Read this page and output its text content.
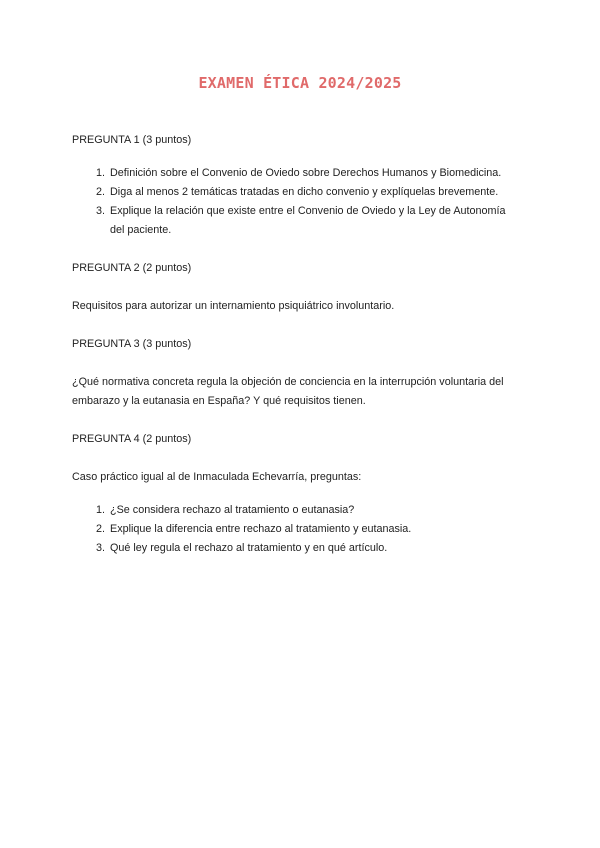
EXAMEN ÉTICA 2024/2025
PREGUNTA 1 (3 puntos)
1. Definición sobre el Convenio de Oviedo sobre Derechos Humanos y Biomedicina.
2. Diga al menos 2 temáticas tratadas en dicho convenio y explíquelas brevemente.
3. Explique la relación que existe entre el Convenio de Oviedo y la Ley de Autonomía del paciente.
PREGUNTA 2 (2 puntos)
Requisitos para autorizar un internamiento psiquiátrico involuntario.
PREGUNTA 3 (3 puntos)
¿Qué normativa concreta regula la objeción de conciencia en la interrupción voluntaria del embarazo y la eutanasia en España? Y qué requisitos tienen.
PREGUNTA 4 (2 puntos)
Caso práctico igual al de Inmaculada Echevarría, preguntas:
1. ¿Se considera rechazo al tratamiento o eutanasia?
2. Explique la diferencia entre rechazo al tratamiento y eutanasia.
3. Qué ley regula el rechazo al tratamiento y en qué artículo.
